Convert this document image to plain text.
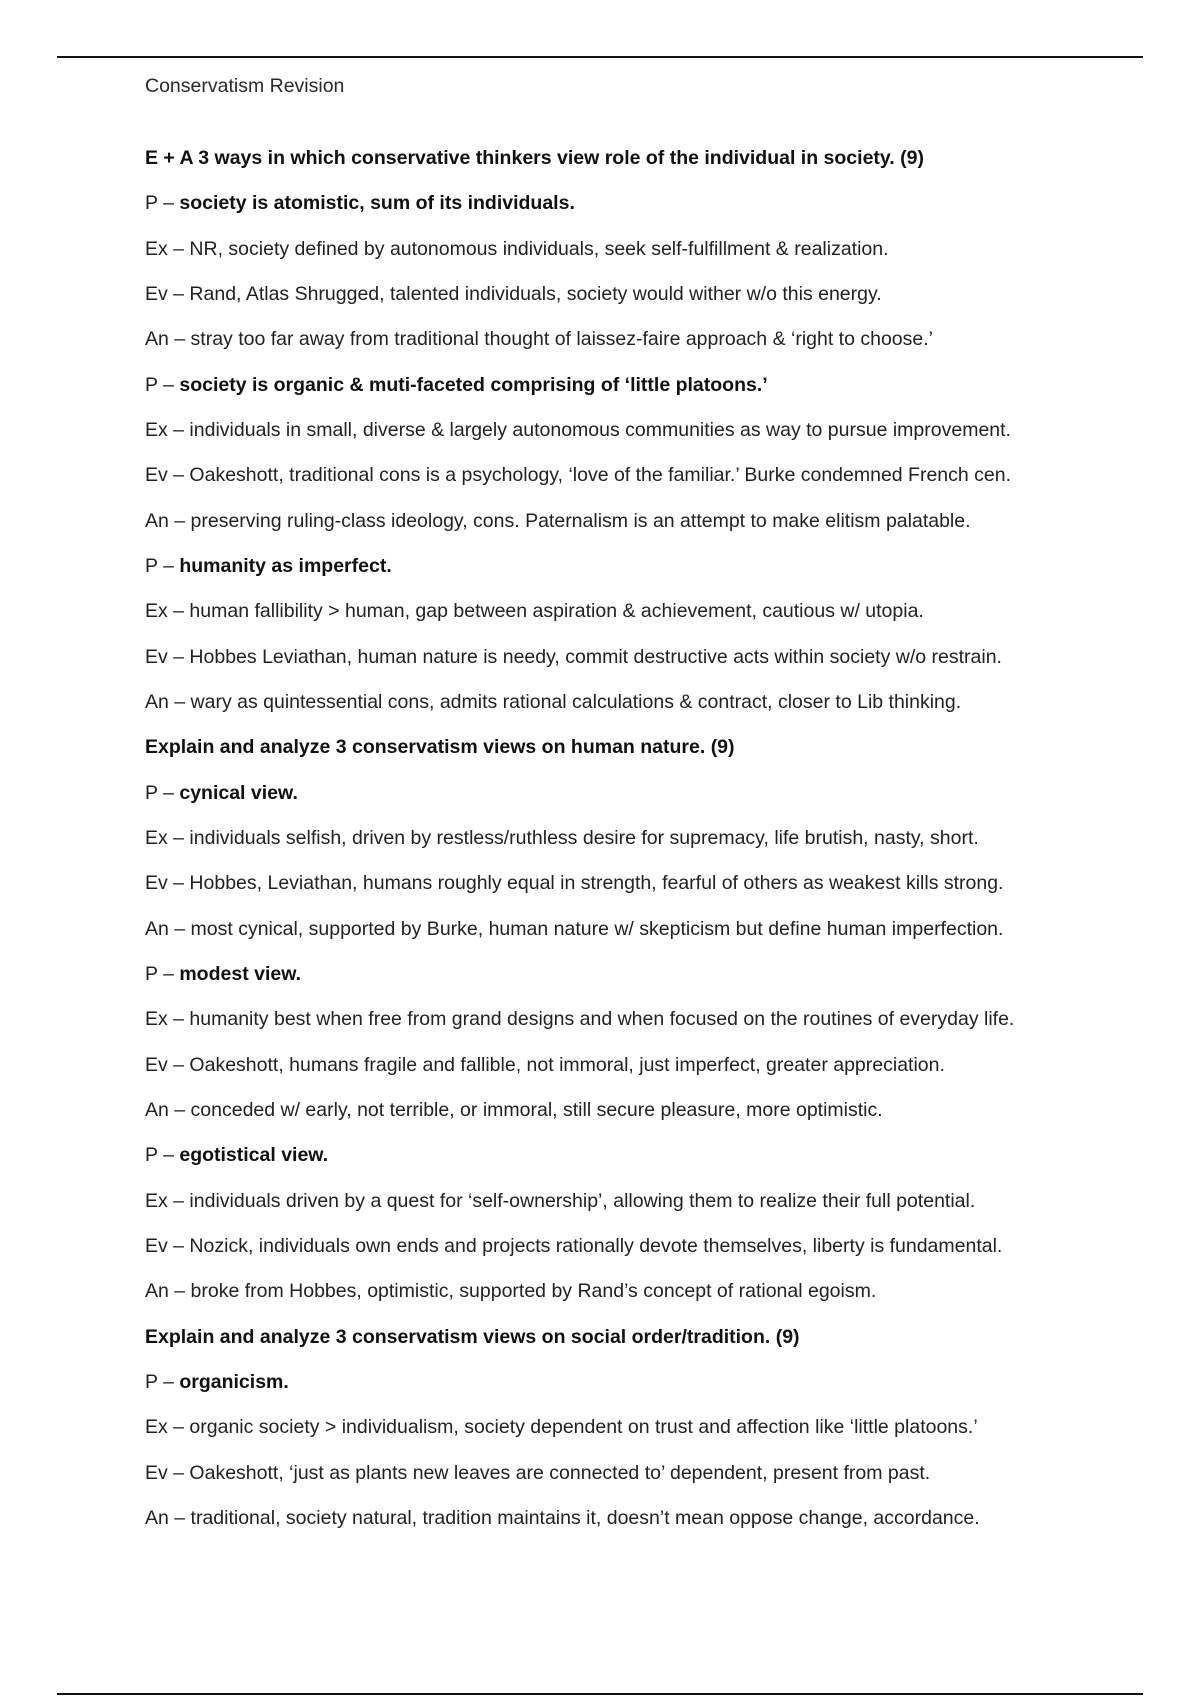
Conservatism Revision
E + A 3 ways in which conservative thinkers view role of the individual in society. (9)
P – society is atomistic, sum of its individuals.
Ex – NR, society defined by autonomous individuals, seek self-fulfillment & realization.
Ev – Rand, Atlas Shrugged, talented individuals, society would wither w/o this energy.
An – stray too far away from traditional thought of laissez-faire approach & ‘right to choose.’
P – society is organic & muti-faceted comprising of ‘little platoons.’
Ex – individuals in small, diverse & largely autonomous communities as way to pursue improvement.
Ev – Oakeshott, traditional cons is a psychology, ‘love of the familiar.’ Burke condemned French cen.
An – preserving ruling-class ideology, cons. Paternalism is an attempt to make elitism palatable.
P – humanity as imperfect.
Ex – human fallibility > human, gap between aspiration & achievement, cautious w/ utopia.
Ev – Hobbes Leviathan, human nature is needy, commit destructive acts within society w/o restrain.
An – wary as quintessential cons, admits rational calculations & contract, closer to Lib thinking.
Explain and analyze 3 conservatism views on human nature. (9)
P – cynical view.
Ex – individuals selfish, driven by restless/ruthless desire for supremacy, life brutish, nasty, short.
Ev – Hobbes, Leviathan, humans roughly equal in strength, fearful of others as weakest kills strong.
An – most cynical, supported by Burke, human nature w/ skepticism but define human imperfection.
P – modest view.
Ex – humanity best when free from grand designs and when focused on the routines of everyday life.
Ev – Oakeshott, humans fragile and fallible, not immoral, just imperfect, greater appreciation.
An – conceded w/ early, not terrible, or immoral, still secure pleasure, more optimistic.
P – egotistical view.
Ex – individuals driven by a quest for ‘self-ownership’, allowing them to realize their full potential.
Ev – Nozick, individuals own ends and projects rationally devote themselves, liberty is fundamental.
An – broke from Hobbes, optimistic, supported by Rand’s concept of rational egoism.
Explain and analyze 3 conservatism views on social order/tradition. (9)
P – organicism.
Ex – organic society > individualism, society dependent on trust and affection like ‘little platoons.’
Ev – Oakeshott, ‘just as plants new leaves are connected to’ dependent, present from past.
An – traditional, society natural, tradition maintains it, doesn’t mean oppose change, accordance.
